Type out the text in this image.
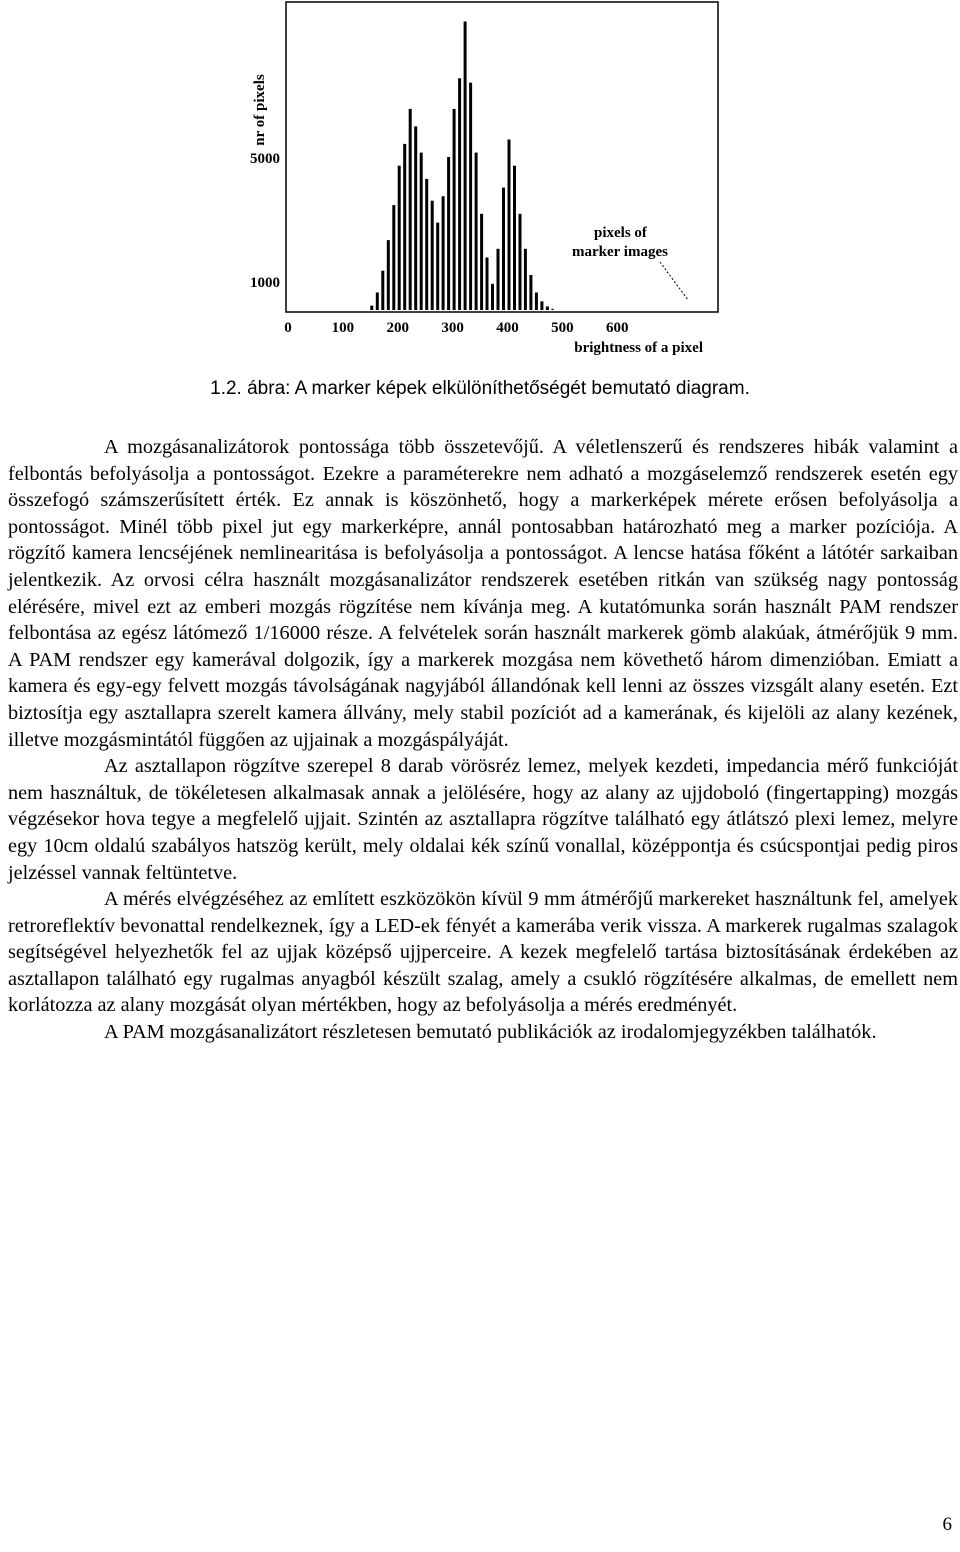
nr of pixels
5000
1000
0	100 200 300 400 500 600
brightness of a pixel
pixels of
marker images
1.2. ábra: A marker képek elkülöníthetőségét bemutató diagram.

A mozgásanalizátorok pontossága több összetevőjű. A véletlenszerű és rendszeres hibák valamint a felbontás befolyásolja a pontosságot. Ezekre a paraméterekre nem adható a mozgáselemző rendszerek esetén egy összefogó számszerűsített érték. Ez annak is köszönhető, hogy a markerképek mérete erősen befolyásolja a pontosságot. Minél több pixel jut egy markerképre, annál pontosabban határozható meg a marker pozíciója. A rögzítő kamera lencséjének nemlinearitása is befolyásolja a pontosságot. A lencse hatása főként a látótér sarkaiban jelentkezik. Az orvosi célra használt mozgásanalizátor rendszerek esetében ritkán van szükség nagy pontosság elérésére, mivel ezt az emberi mozgás rögzítése nem kívánja meg. A kutatómunka során használt PAM rendszer felbontása az egész látómező 1/16000 része. A felvételek során használt markerek gömb alakúak, átmérőjük 9 mm. A PAM rendszer egy kamerával dolgozik, így a markerek mozgása nem követhető három dimenzióban. Emiatt a kamera és egy-egy felvett mozgás távolságának nagyjából állandónak kell lenni az összes vizsgált alany esetén. Ezt biztosítja egy asztallapra szerelt kamera állvány, mely stabil pozíciót ad a kamerának, és kijelöli az alany kezének, illetve mozgásmintától függően az ujjainak a mozgáspályáját.

Az asztallapon rögzítve szerepel 8 darab vörösréz lemez, melyek kezdeti, impedancia mérő funkcióját nem használtuk, de tökéletesen alkalmasak annak a jelölésére, hogy az alany az ujjdoboló (fingertapping) mozgás végzésekor hova tegye a megfelelő ujjait. Szintén az asztallapra rögzítve található egy átlátszó plexi lemez, melyre egy 10cm oldalú szabályos hatszög került, mely oldalai kék színű vonallal, középpontja és csúcspontjai pedig piros jelzéssel vannak feltüntetve.

A mérés elvégzéséhez az említett eszközökön kívül 9 mm átmérőjű markereket használtunk fel, amelyek retroreflektív bevonattal rendelkeznek, így a LED-ek fényét a kamerába verik vissza. A markerek rugalmas szalagok segítségével helyezhetők fel az ujjak középső ujjperceire. A kezek megfelelő tartása biztosításának érdekében az asztallapon található egy rugalmas anyagból készült szalag, amely a csukló rögzítésére alkalmas, de emellett nem korlátozza az alany mozgását olyan mértékben, hogy az befolyásolja a mérés eredményét.

A PAM mozgásanalizátort részletesen bemutató publikációk az irodalomjegyzékben találhatók.

6
